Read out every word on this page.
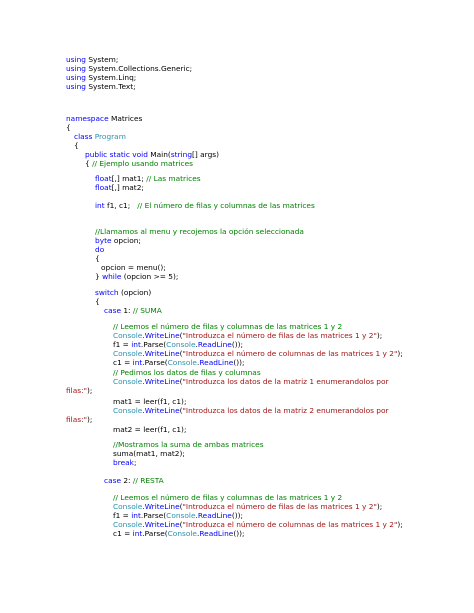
using System;
using System.Collections.Generic;
using System.Linq;
using System.Text;
namespace Matrices
{
class Program
{
public static void Main(string[] args)
{ // Ejemplo usando matrices
float[,] mat1; // Las matrices
float[,] mat2;
int f1, c1;   // El número de filas y columnas de las matrices
//Llamamos al menu y recojemos la opción seleccionada
byte opcion;
do
{
opcion = menu();
} while (opcion >= 5);
switch (opcion)
{
case 1: // SUMA
// Leemos el número de filas y columnas de las matrices 1 y 2
Console.WriteLine("Introduzca el número de filas de las matrices 1 y 2");
f1 = int.Parse(Console.ReadLine());
Console.WriteLine("Introduzca el número de columnas de las matrices 1 y 2");
c1 = int.Parse(Console.ReadLine());
// Pedimos los datos de filas y columnas
Console.WriteLine("Introduzca los datos de la matriz 1 enumerandolos por
filas:");
mat1 = leer(f1, c1);
Console.WriteLine("Introduzca los datos de la matriz 2 enumerandolos por
filas:");
mat2 = leer(f1, c1);
//Mostramos la suma de ambas matrices
suma(mat1, mat2);
break;
case 2: // RESTA
// Leemos el número de filas y columnas de las matrices 1 y 2
Console.WriteLine("Introduzca el número de filas de las matrices 1 y 2");
f1 = int.Parse(Console.ReadLine());
Console.WriteLine("Introduzca el número de columnas de las matrices 1 y 2");
c1 = int.Parse(Console.ReadLine());
